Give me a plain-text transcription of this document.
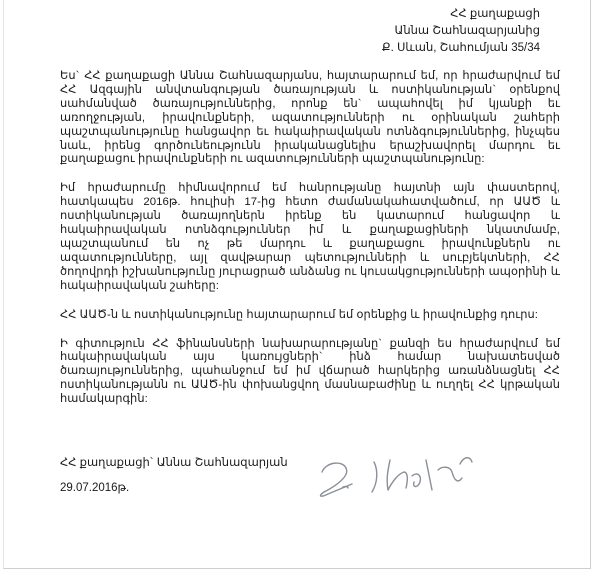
ՀՀ քաղաքացի
Աննա Շահնազարյանից
Ք. Սևան, Շահումյան 35/34

Ես` ՀՀ քաղաքացի Աննա Շահնազարյանս, հայտարարում եմ, որ հրաժարվում եմ ՀՀ Ազգային անվտանգության ծառայության և ոստիկանության` օրենքով սահմանված ծառայություններից, որոնք են` ապահովել իմ կյանքի եւ առողջության, իրավունքների, ազատությունների ու օրինական շահերի պաշտպանությունը հանցավոր եւ հակաիրավական ոտնձգություններից, ինչպես նաև, իրենց գործունեությունն իրականացնելիս երաշխավորել մարդու եւ քաղաքացու իրավունքների ու ազատությունների պաշտպանությունը:

Իմ հրաժարումը հիմնավորում եմ հանրությանը հայտնի այն փաստերով, հատկապես 2016թ. հուլիսի 17-ից հետո ժամանակահատվածում, որ ԱԱԾ և ոստիկանության ծառայողներն իրենք են կատարում հանցավոր և հակաիրավական ոտնձգություններ իմ և քաղաքացիների նկատմամբ, պաշտպանում են ոչ թե մարդու և քաղաքացու իրավունքներն ու ազատությունները, այլ զավթարար պետությունների և սուբյեկտների, ՀՀ ծողովրդի իշխանությունը յուրացրած անձանց ու կուսակցությունների ապօրինի և հակաիրավական շահերը:

ՀՀ ԱԱԾ-ն և ոստիկանությունը հայտարարում եմ օրենքից և իրավունքից դուրս:

Ի գիտություն ՀՀ ֆինանսների նախարարությանը` քանզի ես հրաժարվում եմ հակաիրավական այս կառույցների` ինձ համար նախատեսված ծառայություններից, պահանջում եմ իմ վճարած հարկերից առանձնացնել ՀՀ ոստիկանությանն ու ԱԱԾ-ին փոխանցվող մասնաբաժինը և ուղղել ՀՀ կրթական համակարգին:

ՀՀ քաղաքացի` Աննա Շահնազարյան
29.07.2016թ.
